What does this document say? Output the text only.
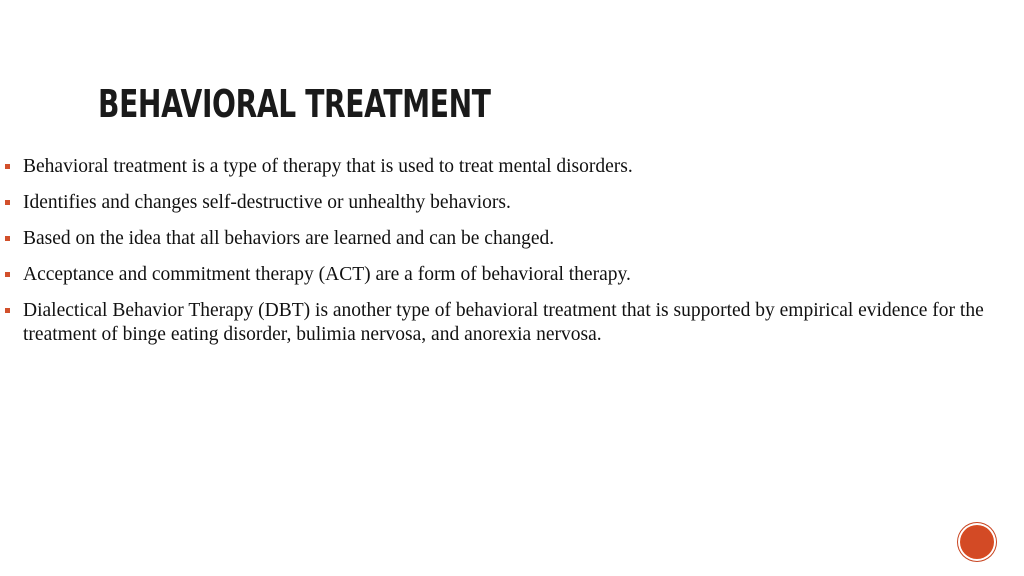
BEHAVIORAL TREATMENT
Behavioral treatment is a type of therapy that is used to treat mental disorders.
Identifies and changes self-destructive or unhealthy behaviors.
Based on the idea that all behaviors are learned and can be changed.
Acceptance and commitment therapy (ACT) are a form of behavioral therapy.
Dialectical Behavior Therapy (DBT) is another type of behavioral treatment that is supported by empirical evidence for the treatment of binge eating disorder, bulimia nervosa, and anorexia nervosa.
